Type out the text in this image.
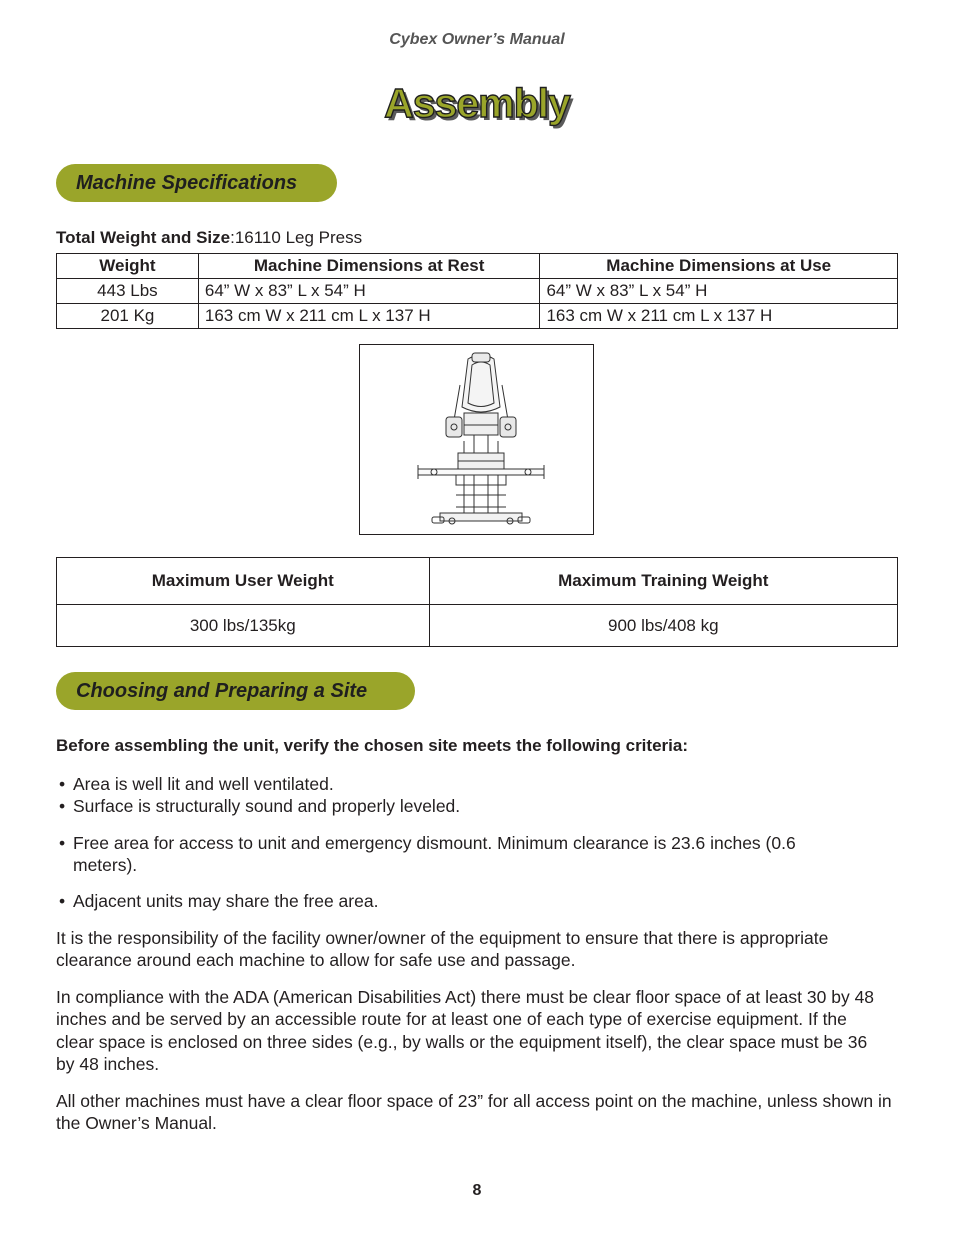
Cybex Owner’s Manual
Assembly
Machine Specifications
Total Weight and Size:16110 Leg Press
Weight	Machine Dimensions at Rest	Machine Dimensions at Use
443 Lbs	64” W x 83” L x 54” H	64” W x 83” L x 54” H
201 Kg	163 cm W x 211 cm L x 137 H	163 cm W x 211 cm L x 137 H
Maximum User Weight	Maximum Training Weight
300 lbs/135kg	900 lbs/408 kg
Choosing and Preparing a Site
Before assembling the unit, verify the chosen site meets the following criteria:
• Area is well lit and well ventilated.
• Surface is structurally sound and properly leveled.
• Free area for access to unit and emergency dismount. Minimum clearance is 23.6 inches (0.6 meters).
• Adjacent units may share the free area.
It is the responsibility of the facility owner/owner of the equipment to ensure that there is appropriate clearance around each machine to allow for safe use and passage.
In compliance with the ADA (American Disabilities Act) there must be clear floor space of at least 30 by 48 inches and be served by an accessible route for at least one of each type of exercise equipment. If the clear space is enclosed on three sides (e.g., by walls or the equipment itself), the clear space must be 36 by 48 inches.
All other machines must have a clear floor space of 23” for all access point on the machine, unless shown in the Owner’s Manual.
8
